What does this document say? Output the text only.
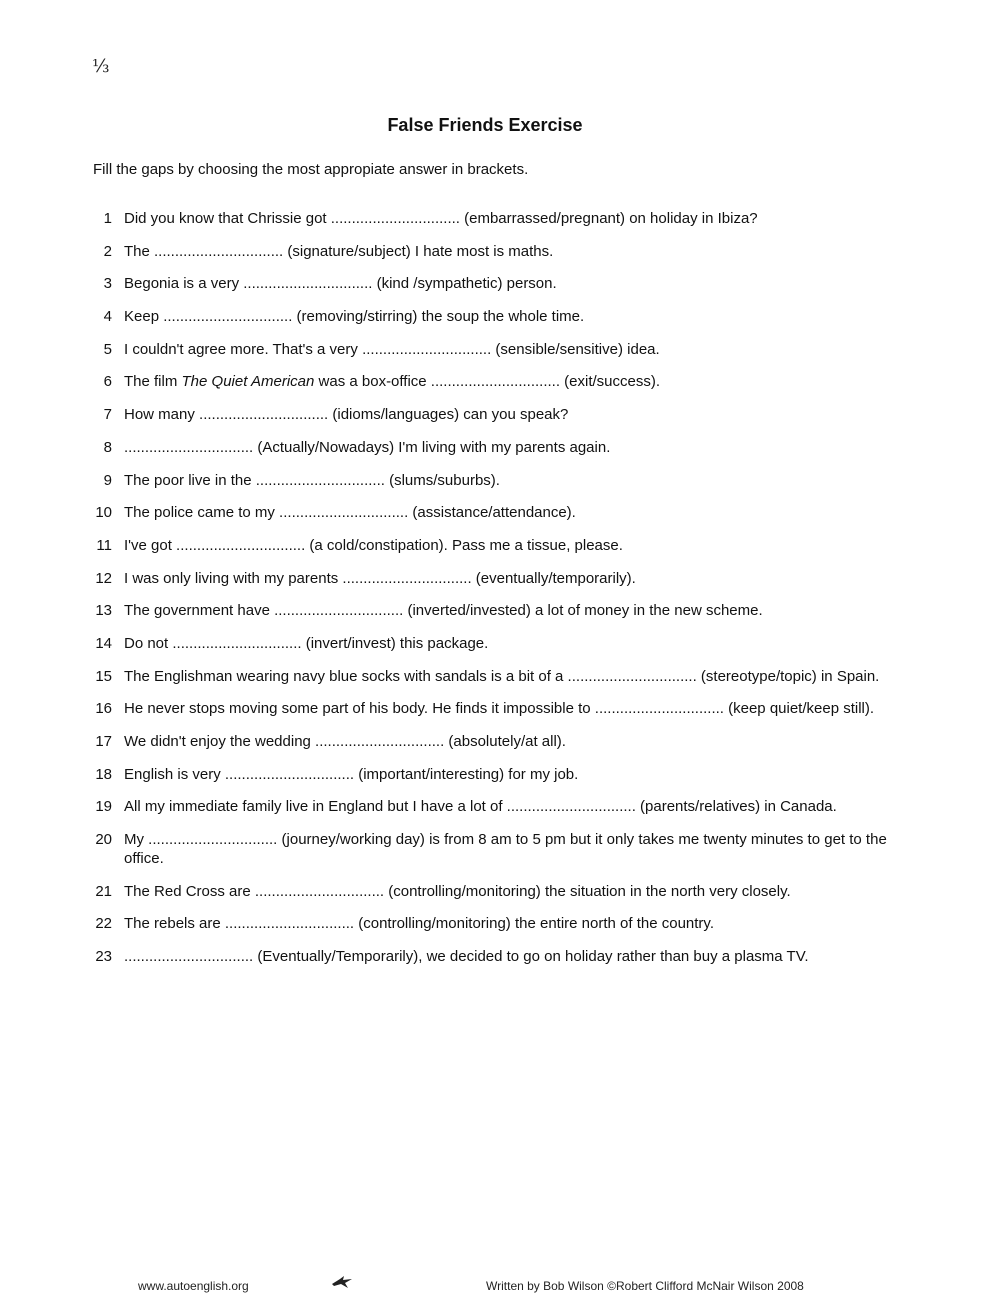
⅓
False Friends Exercise

Fill the gaps by choosing the most appropiate answer in brackets.

1 Did you know that Chrissie got ............................... (embarrassed/pregnant) on holiday in Ibiza?
2 The ............................... (signature/subject) I hate most is maths.
3 Begonia is a very ............................... (kind /sympathetic) person.
4 Keep ............................... (removing/stirring) the soup the whole time.
5 I couldn't agree more. That's a very ............................... (sensible/sensitive) idea.
6 The film The Quiet American was a box-office ............................... (exit/success).
7 How many ............................... (idioms/languages) can you speak?
8 ............................... (Actually/Nowadays) I'm living with my parents again.
9 The poor live in the ............................... (slums/suburbs).
10 The police came to my ............................... (assistance/attendance).
11 I've got ............................... (a cold/constipation). Pass me a tissue, please.
12 I was only living with my parents ............................... (eventually/temporarily).
13 The government have ............................... (inverted/invested) a lot of money in the new scheme.
14 Do not ............................... (invert/invest) this package.
15 The Englishman wearing navy blue socks with sandals is a bit of a ............................... (stereotype/topic) in Spain.
16 He never stops moving some part of his body. He finds it impossible to ............................... (keep quiet/keep still).
17 We didn't enjoy the wedding ............................... (absolutely/at all).
18 English is very ............................... (important/interesting) for my job.
19 All my immediate family live in England but I have a lot of ............................... (parents/relatives) in Canada.
20 My ............................... (journey/working day) is from 8 am to 5 pm but it only takes me twenty minutes to get to the office.
21 The Red Cross are ............................... (controlling/monitoring) the situation in the north very closely.
22 The rebels are ............................... (controlling/monitoring) the entire north of the country.
23 ............................... (Eventually/Temporarily), we decided to go on holiday rather than buy a plasma TV.
www.autoenglish.org	Written by Bob Wilson ©Robert Clifford McNair Wilson 2008
